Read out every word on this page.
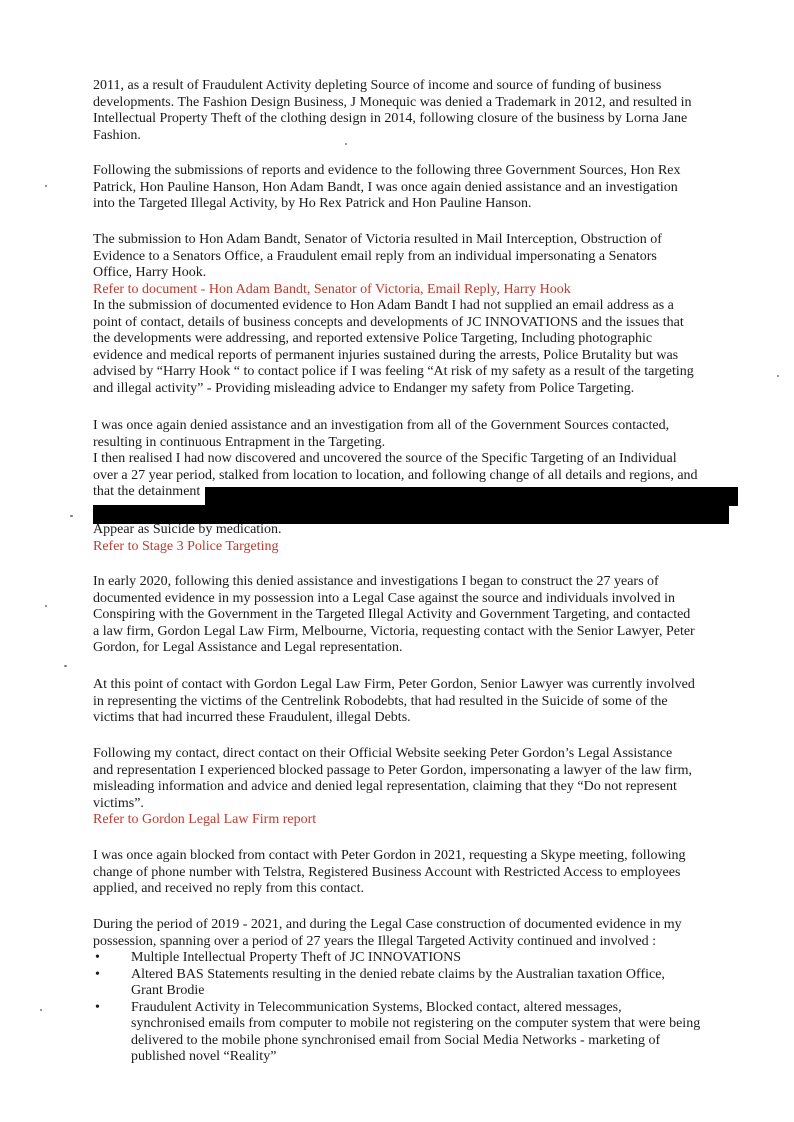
2011, as a result of Fraudulent Activity depleting Source of income and source of funding of business
developments. The Fashion Design Business, J Monequic was denied a Trademark in 2012, and resulted in
Intellectual Property Theft of the clothing design in 2014, following closure of the business by Lorna Jane
Fashion.
Following the submissions of reports and evidence to the following three Government Sources, Hon Rex
Patrick, Hon Pauline Hanson, Hon Adam Bandt, I was once again denied assistance and an investigation
into the Targeted Illegal Activity, by Ho Rex Patrick and Hon Pauline Hanson.
The submission to Hon Adam Bandt, Senator of Victoria resulted in Mail Interception, Obstruction of
Evidence to a Senators Office, a Fraudulent email reply from an individual impersonating a Senators
Office, Harry Hook.
Refer to document - Hon Adam Bandt, Senator of Victoria, Email Reply, Harry Hook
In the submission of documented evidence to Hon Adam Bandt I had not supplied an email address as a
point of contact, details of business concepts and developments of JC INNOVATIONS and the issues that
the developments were addressing, and reported extensive Police Targeting, Including photographic
evidence and medical reports of permanent injuries sustained during the arrests, Police Brutality but was
advised by “Harry Hook “ to contact police if I was feeling “At risk of my safety as a result of the targeting
and illegal activity” - Providing misleading advice to Endanger my safety from Police Targeting.
I was once again denied assistance and an investigation from all of the Government Sources contacted,
resulting in continuous Entrapment in the Targeting.
I then realised I had now discovered and uncovered the source of the Specific Targeting of an Individual
over a 27 year period, stalked from location to location, and following change of all details and regions, and
that the detainment
Appear as Suicide by medication.
Refer to Stage 3 Police Targeting
In early 2020, following this denied assistance and investigations I began to construct the 27 years of
documented evidence in my possession into a Legal Case against the source and individuals involved in
Conspiring with the Government in the Targeted Illegal Activity and Government Targeting, and contacted
a law firm, Gordon Legal Law Firm, Melbourne, Victoria, requesting contact with the Senior Lawyer, Peter
Gordon, for Legal Assistance and Legal representation.
At this point of contact with Gordon Legal Law Firm, Peter Gordon, Senior Lawyer was currently involved
in representing the victims of the Centrelink Robodebts, that had resulted in the Suicide of some of the
victims that had incurred these Fraudulent, illegal Debts.
Following my contact, direct contact on their Official Website seeking Peter Gordon’s Legal Assistance
and representation I experienced blocked passage to Peter Gordon, impersonating a lawyer of the law firm,
misleading information and advice and denied legal representation, claiming that they “Do not represent
victims”.
Refer to Gordon Legal Law Firm report
I was once again blocked from contact with Peter Gordon in 2021, requesting a Skype meeting, following
change of phone number with Telstra, Registered Business Account with Restricted Access to employees
applied, and received no reply from this contact.
During the period of 2019 - 2021, and during the Legal Case construction of documented evidence in my
possession, spanning over a period of 27 years the Illegal Targeted Activity continued and involved :
• Multiple Intellectual Property Theft of JC INNOVATIONS
• Altered BAS Statements resulting in the denied rebate claims by the Australian taxation Office,
Grant Brodie
• Fraudulent Activity in Telecommunication Systems, Blocked contact, altered messages,
synchronised emails from computer to mobile not registering on the computer system that were being
delivered to the mobile phone synchronised email from Social Media Networks - marketing of
published novel “Reality”
